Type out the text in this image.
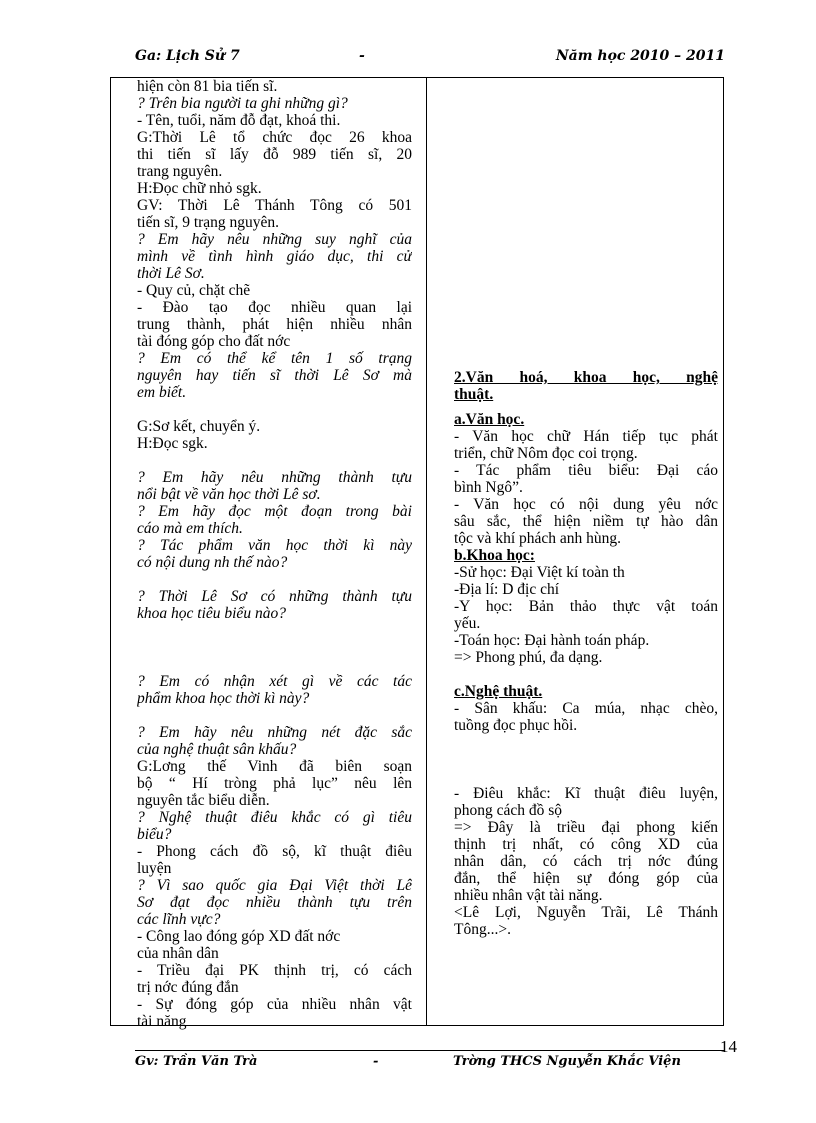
Ga: Lịch Sử 7	-	Năm học 2010 – 2011
hiện còn 81 bia tiến sĩ.
? Trên bia người ta ghi những gì?
- Tên, tuổi, năm đỗ đạt, khoá thi.
G:Thời Lê tổ chức đọc 26 khoa
thi tiến sĩ lấy đỗ 989 tiến sĩ, 20
trang nguyên.
H:Đọc chữ nhỏ sgk.
GV: Thời Lê Thánh Tông có 501
tiến sĩ, 9 trạng nguyên.
? Em hãy nêu những suy nghĩ của
mình về tình hình giáo dục, thi cử
thời Lê Sơ.
- Quy củ, chặt chẽ
- Đào tạo đọc nhiều quan lại
trung thành, phát hiện nhiều nhân
tài đóng góp cho đất nớc
? Em có thể kể tên 1 số trạng
nguyên hay tiến sĩ thời Lê Sơ mà
em biết.
G:Sơ kết, chuyển ý.
H:Đọc sgk.
? Em hãy nêu những thành tựu
nổi bật về văn học thời Lê sơ.
? Em hãy đọc một đoạn trong bài
cáo mà em thích.
? Tác phẩm văn học thời kì này
có nội dung nh thế nào?
? Thời Lê Sơ có những thành tựu
khoa học tiêu biểu nào?
? Em có nhận xét gì về các tác
phẩm khoa học thời kì này?
? Em hãy nêu những nét đặc sắc
của nghệ thuật sân khấu?
G:Lơng thế Vinh đã biên soạn
bộ “ Hí tròng phả lục” nêu lên
nguyên tắc biểu diễn.
? Nghệ thuật điêu khắc có gì tiêu
biểu?
- Phong cách đồ sộ, kĩ thuật điêu
luyện
? Vì sao quốc gia Đại Việt thời Lê
Sơ đạt đọc nhiều thành tựu trên
các lĩnh vực?
- Công lao đóng góp XD đất nớc
của nhân dân
- Triều đại PK thịnh trị, có cách
trị nớc đúng đắn
- Sự đóng góp của nhiều nhân vật
tài năng
2.Văn hoá, khoa học, nghệ
thuật.
a.Văn học.
- Văn học chữ Hán tiếp tục phát
triển, chữ Nôm đọc coi trọng.
- Tác phẩm tiêu biểu: Đại cáo
bình Ngô”.
- Văn học có nội dung yêu nớc
sâu sắc, thể hiện niềm tự hào dân
tộc và khí phách anh hùng.
b.Khoa học:
-Sử học: Đại Việt kí toàn th
-Địa lí: D địc chí
-Y học: Bản thảo thực vật toán
yếu.
-Toán học: Đại hành toán pháp.
=> Phong phú, đa dạng.
c.Nghệ thuật.
- Sân khấu: Ca múa, nhạc chèo,
tuồng đọc phục hồi.
- Điêu khắc: Kĩ thuật điêu luyện,
phong cách đồ sộ
=> Đây là triều đại phong kiến
thịnh trị nhất, có công XD của
nhân dân, có cách trị nớc đúng
đắn, thể hiện sự đóng góp của
nhiều nhân vật tài năng.
<Lê Lợi, Nguyễn Trãi, Lê Thánh
Tông...>.
14
Gv: Trần Văn Trà	-	Trờng THCS Nguyễn Khắc Viện
